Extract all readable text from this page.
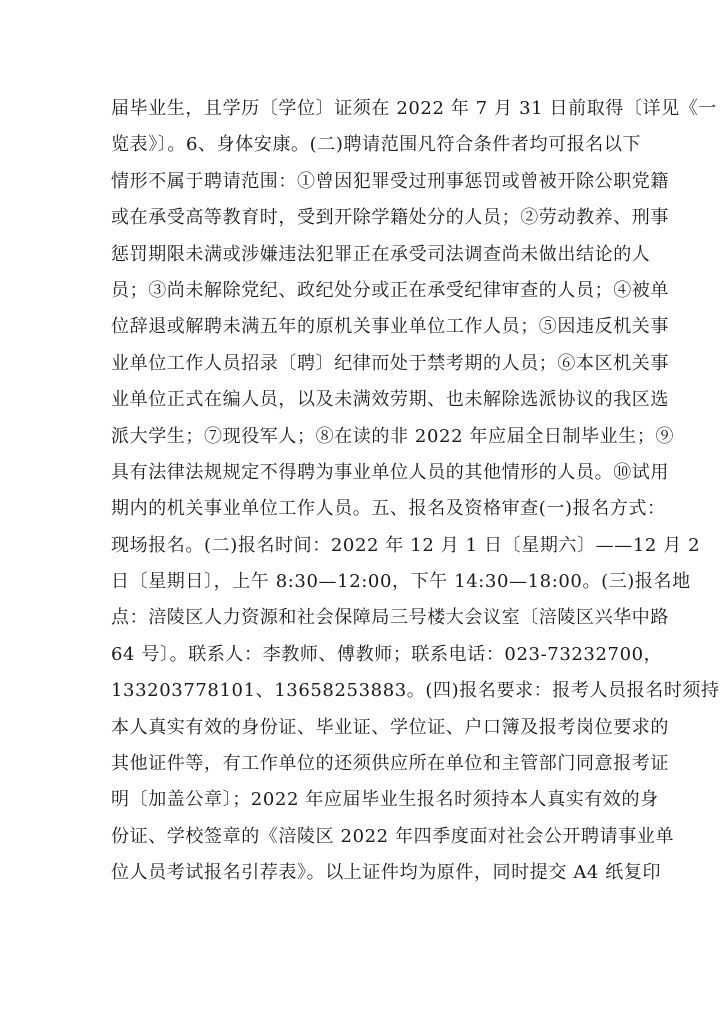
届毕业生，且学历〔学位〕证须在 2022 年 7 月 31 日前取得〔详见《一
览表》〕。6、身体安康。(二)聘请范围凡符合条件者均可报名以下
情形不属于聘请范围：①曾因犯罪受过刑事惩罚或曾被开除公职党籍
或在承受高等教育时，受到开除学籍处分的人员；②劳动教养、刑事
惩罚期限未满或涉嫌违法犯罪正在承受司法调查尚未做出结论的人
员；③尚未解除党纪、政纪处分或正在承受纪律审查的人员；④被单
位辞退或解聘未满五年的原机关事业单位工作人员；⑤因违反机关事
业单位工作人员招录〔聘〕纪律而处于禁考期的人员；⑥本区机关事
业单位正式在编人员，以及未满效劳期、也未解除选派协议的我区选
派大学生；⑦现役军人；⑧在读的非 2022 年应届全日制毕业生；⑨
具有法律法规规定不得聘为事业单位人员的其他情形的人员。⑩试用
期内的机关事业单位工作人员。五、报名及资格审查(一)报名方式：
现场报名。(二)报名时间：2022 年 12 月 1 日〔星期六〕——12 月 2
日〔星期日〕，上午 8:30—12:00，下午 14:30—18:00。(三)报名地
点：涪陵区人力资源和社会保障局三号楼大会议室〔涪陵区兴华中路
64 号〕。联系人：李教师、傅教师；联系电话：023-73232700，
13320377810​1、13658253883。(四)报名要求：报考人员报名时须持
本人真实有效的身份证、毕业证、学位证、户口簿及报考岗位要求的
其他证件等，有工作单位的还须供应所在单位和主管部门同意报考证
明〔加盖公章〕；2022 年应届毕业生报名时须持本人真实有效的身
份证、学校签章的《涪陵区 2022 年四季度面对社会公开聘请事业单
位人员考试报名引荐表》。以上证件均为原件，同时提交 A4 纸复印
